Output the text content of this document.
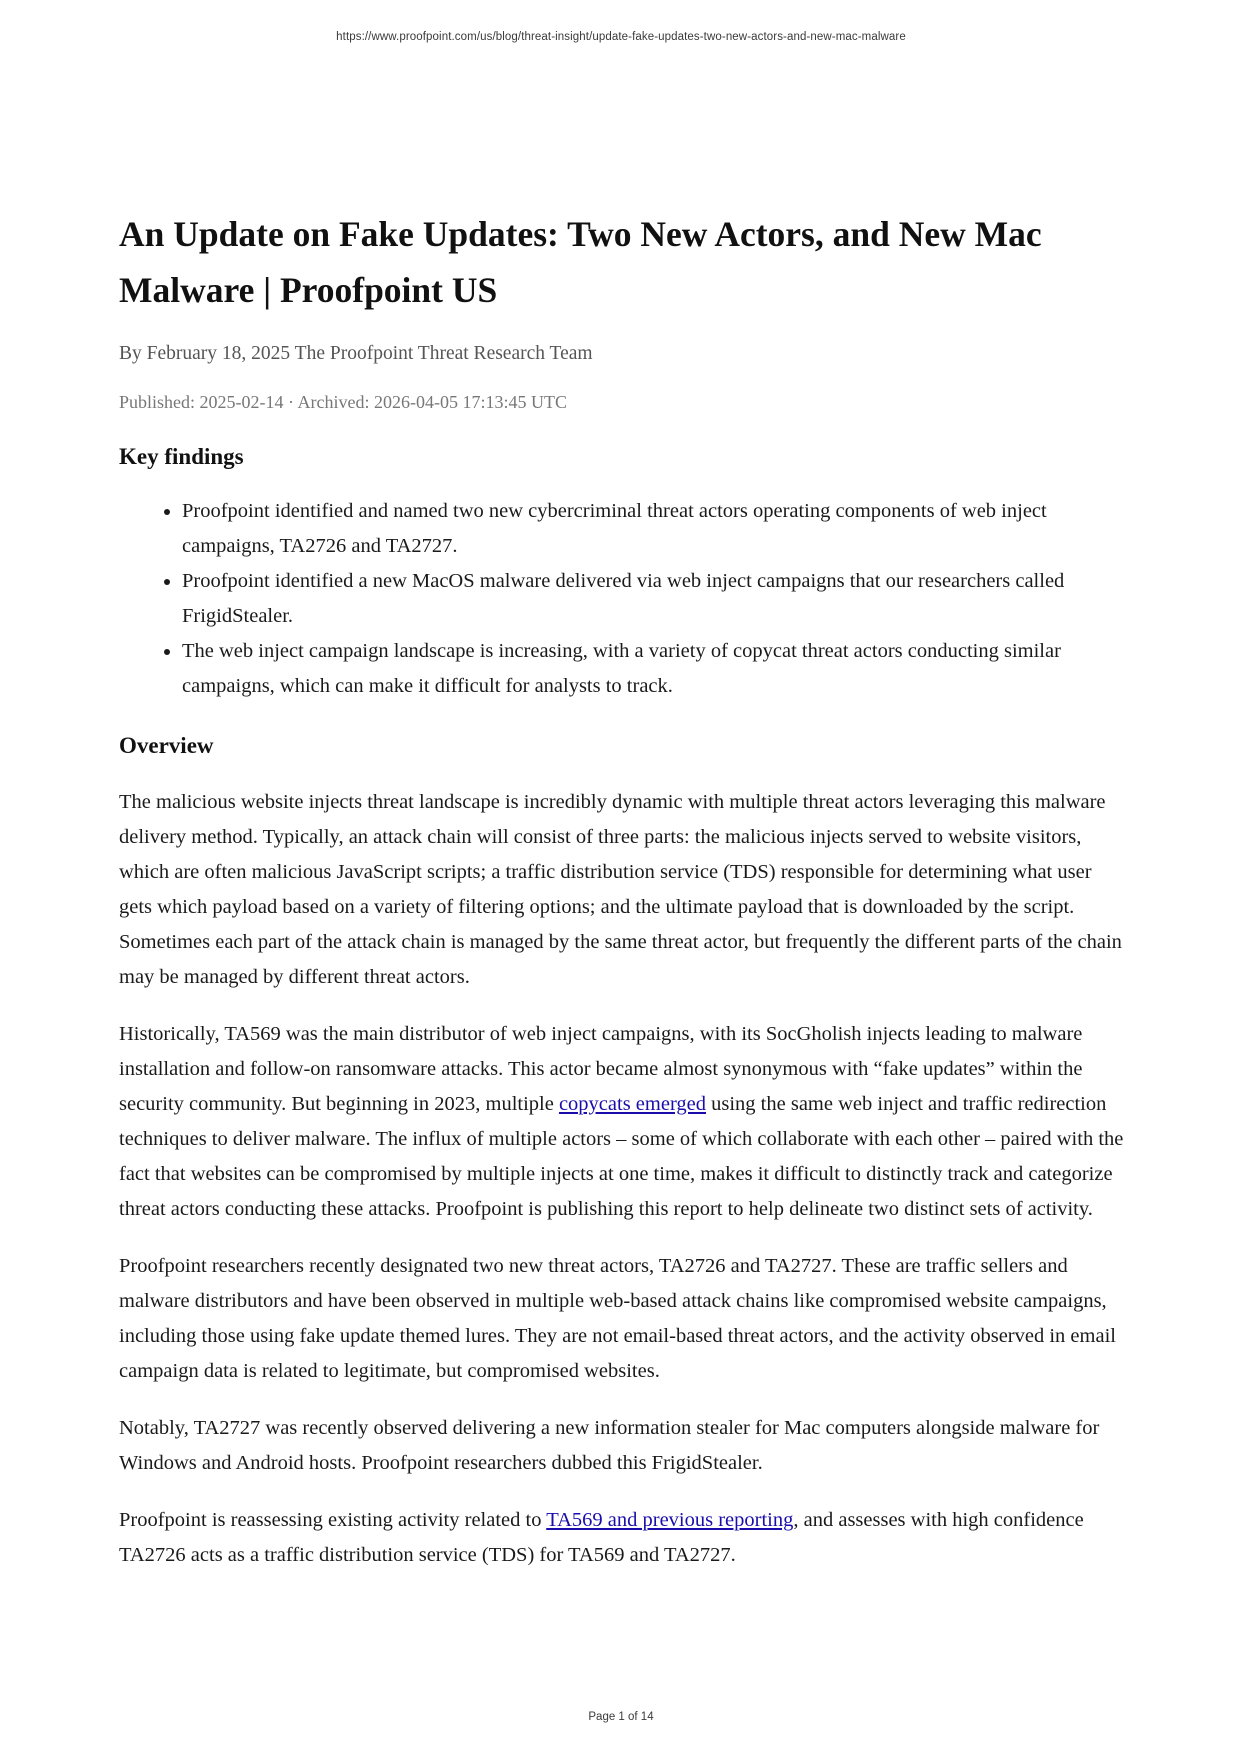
https://www.proofpoint.com/us/blog/threat-insight/update-fake-updates-two-new-actors-and-new-mac-malware
An Update on Fake Updates: Two New Actors, and New Mac Malware | Proofpoint US
By February 18, 2025 The Proofpoint Threat Research Team
Published: 2025-02-14 · Archived: 2026-04-05 17:13:45 UTC
Key findings
• Proofpoint identified and named two new cybercriminal threat actors operating components of web inject campaigns, TA2726 and TA2727.
• Proofpoint identified a new MacOS malware delivered via web inject campaigns that our researchers called FrigidStealer.
• The web inject campaign landscape is increasing, with a variety of copycat threat actors conducting similar campaigns, which can make it difficult for analysts to track.
Overview

The malicious website injects threat landscape is incredibly dynamic with multiple threat actors leveraging this malware delivery method. Typically, an attack chain will consist of three parts: the malicious injects served to website visitors, which are often malicious JavaScript scripts; a traffic distribution service (TDS) responsible for determining what user gets which payload based on a variety of filtering options; and the ultimate payload that is downloaded by the script. Sometimes each part of the attack chain is managed by the same threat actor, but frequently the different parts of the chain may be managed by different threat actors.

Historically, TA569 was the main distributor of web inject campaigns, with its SocGholish injects leading to malware installation and follow-on ransomware attacks. This actor became almost synonymous with “fake updates” within the security community. But beginning in 2023, multiple copycats emerged using the same web inject and traffic redirection techniques to deliver malware. The influx of multiple actors – some of which collaborate with each other – paired with the fact that websites can be compromised by multiple injects at one time, makes it difficult to distinctly track and categorize threat actors conducting these attacks. Proofpoint is publishing this report to help delineate two distinct sets of activity.

Proofpoint researchers recently designated two new threat actors, TA2726 and TA2727. These are traffic sellers and malware distributors and have been observed in multiple web-based attack chains like compromised website campaigns, including those using fake update themed lures. They are not email-based threat actors, and the activity observed in email campaign data is related to legitimate, but compromised websites.

Notably, TA2727 was recently observed delivering a new information stealer for Mac computers alongside malware for Windows and Android hosts. Proofpoint researchers dubbed this FrigidStealer.

Proofpoint is reassessing existing activity related to TA569 and previous reporting, and assesses with high confidence TA2726 acts as a traffic distribution service (TDS) for TA569 and TA2727.

Page 1 of 14
